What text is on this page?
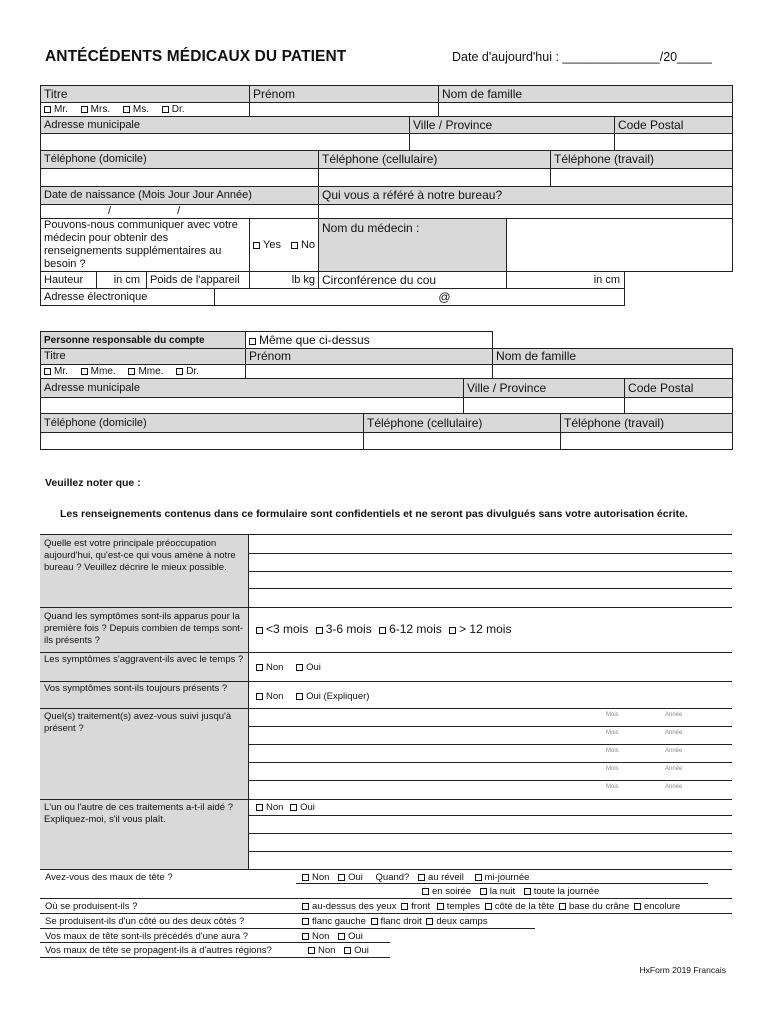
ANTÉCÉDENTS MÉDICAUX DU PATIENT	Date d'aujourd'hui : ______________/20_____
Titre				Prénom			Nom de famille				
Mr. Mrs. Ms. Dr.											
Adresse municipale						Ville / Province				Code Postal	

Téléphone (domicile)					Téléphone (cellulaire)				Téléphone (travail)		

Date de naissance (Mois Jour Jour Année)					Qui vous a référé à notre bureau?						
/ /											
Pouvons-nous communiquer avec votre médecin pour obtenir des renseignements supplémentaires au besoin ?				Yes No	Nom du médecin :						
Hauteur	in cm	Poids de l'appareil		lb kg	Circonférence du cou			in cm			
Adresse électronique			@								
Personne responsable du compte	Même que ci-dessus					
Titre	Prénom			Nom de famille		
Mr. Mme. Mme. Dr.						
Adresse municipale			Ville / Province			Code Postal

Téléphone (domicile)		Téléphone (cellulaire)			Téléphone (travail)	

Veuillez noter que :
Les renseignements contenus dans ce formulaire sont confidentiels et ne seront pas divulgués sans votre autorisation écrite.
Quelle est votre principale préoccupation aujourd'hui, qu'est-ce qui vous amène à notre bureau ? Veuillez décrire le mieux possible.
Quand les symptômes sont-ils apparus pour la première fois ? Depuis combien de temps sont-ils présents ?
<3 mois 3-6 mois 6-12 mois > 12 mois
Les symptômes s'aggravent-ils avec le temps ?
Non Oui
Vos symptômes sont-ils toujours présents ?
Non Oui (Expliquer)
Quel(s) traitement(s) avez-vous suivi jusqu'à présent ?
Mois	Année
Mois	Année
Mois	Année
Mois	Année
Mois	Année
L'un ou l'autre de ces traitements a-t-il aidé ? Expliquez-moi, s'il vous plaît.
Non Oui
Avez-vous des maux de tête ?	Non Oui Quand? au réveil mi-journée
en soirée la nuit toute la journée
Où se produisent-ils ?	au-dessus des yeux front temples côté de la tête base du crâne encolure
Se produisent-ils d'un côté ou des deux côtés ?	flanc gauche flanc droit deux camps
Vos maux de tête sont-ils précédés d'une aura ?	Non Oui
Vos maux de tête se propagent-ils à d'autres régions?	Non Oui
HxForm 2019 Francais
